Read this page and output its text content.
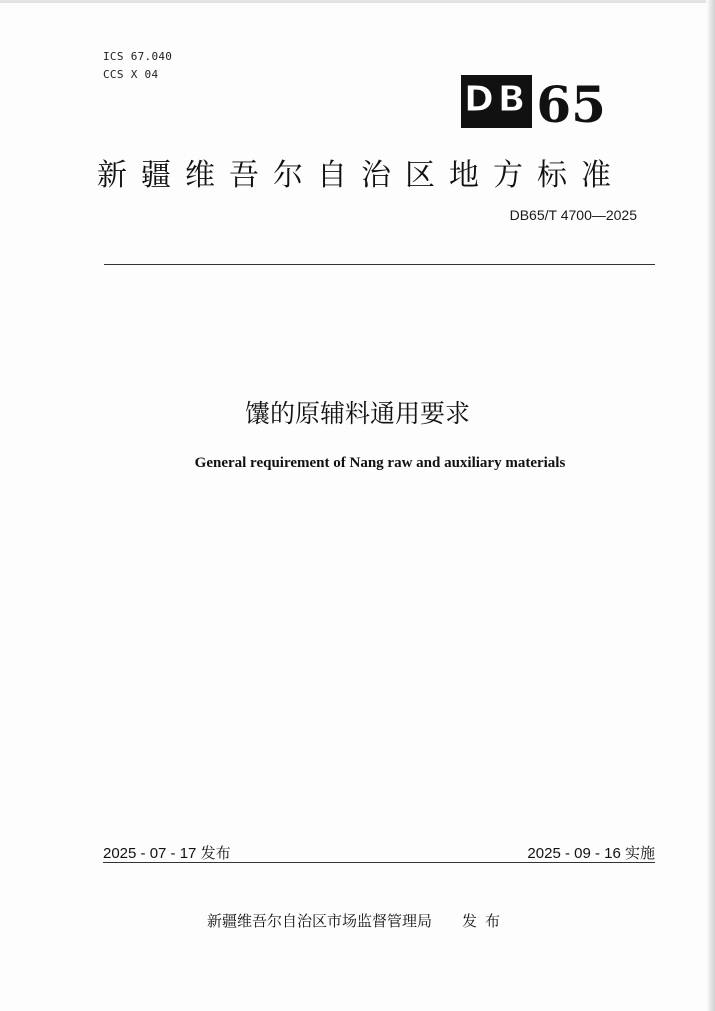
ICS 67.040
CCS X 04
DB 65
新疆维吾尔自治区地方标准
DB65/T 4700—2025
馕的原辅料通用要求
General requirement of Nang raw and auxiliary materials
2025 - 07 - 17 发布	2025 - 09 - 16 实施
新疆维吾尔自治区市场监督管理局 发布
